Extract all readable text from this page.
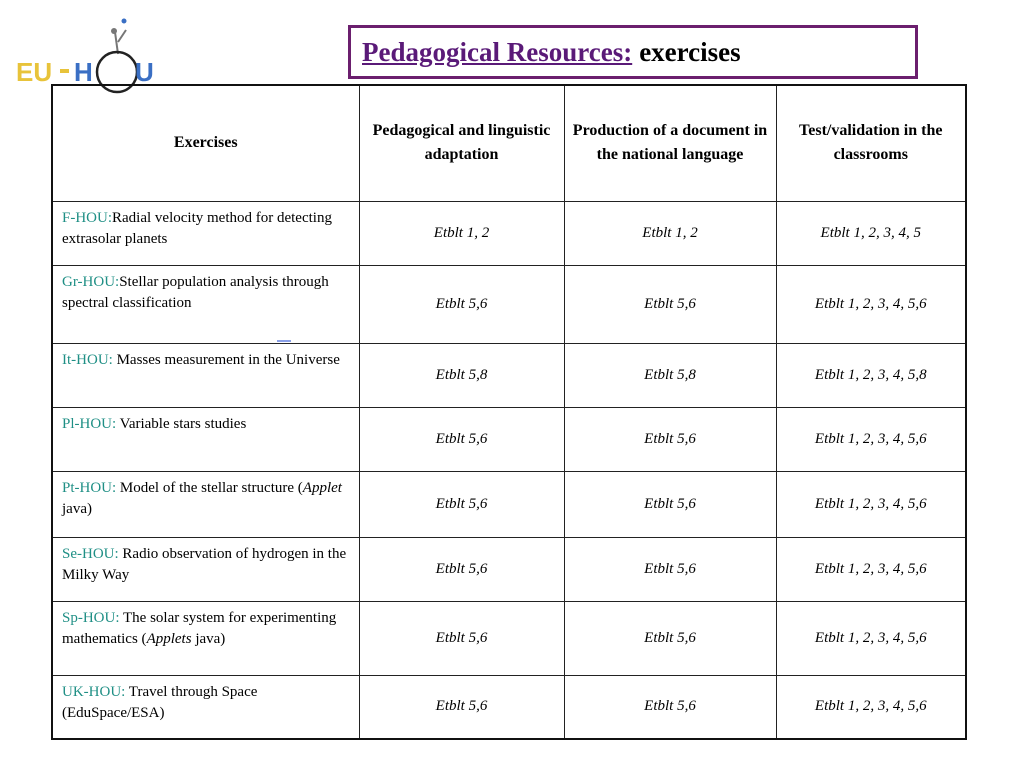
EU H U
Pedagogical Resources: exercises
Exercises	Pedagogical and linguistic adaptation	Production of a document in the national language	Test/validation in the classrooms
F-HOU:Radial velocity method for detecting extrasolar planets	Etblt 1, 2	Etblt 1, 2	Etblt 1, 2, 3, 4, 5
Gr-HOU:Stellar population analysis through spectral classification	Etblt 5,6	Etblt 5,6	Etblt 1, 2, 3, 4, 5,6
It-HOU: Masses measurement in the Universe	Etblt 5,8	Etblt 5,8	Etblt 1, 2, 3, 4, 5,8
Pl-HOU: Variable stars studies	Etblt 5,6	Etblt 5,6	Etblt 1, 2, 3, 4, 5,6
Pt-HOU: Model of the stellar structure (Applet java)	Etblt 5,6	Etblt 5,6	Etblt 1, 2, 3, 4, 5,6
Se-HOU: Radio observation of hydrogen in the Milky Way	Etblt 5,6	Etblt 5,6	Etblt 1, 2, 3, 4, 5,6
Sp-HOU: The solar system for experimenting mathematics (Applets java)	Etblt 5,6	Etblt 5,6	Etblt 1, 2, 3, 4, 5,6
UK-HOU: Travel through Space (EduSpace/ESA)	Etblt 5,6	Etblt 5,6	Etblt 1, 2, 3, 4, 5,6
